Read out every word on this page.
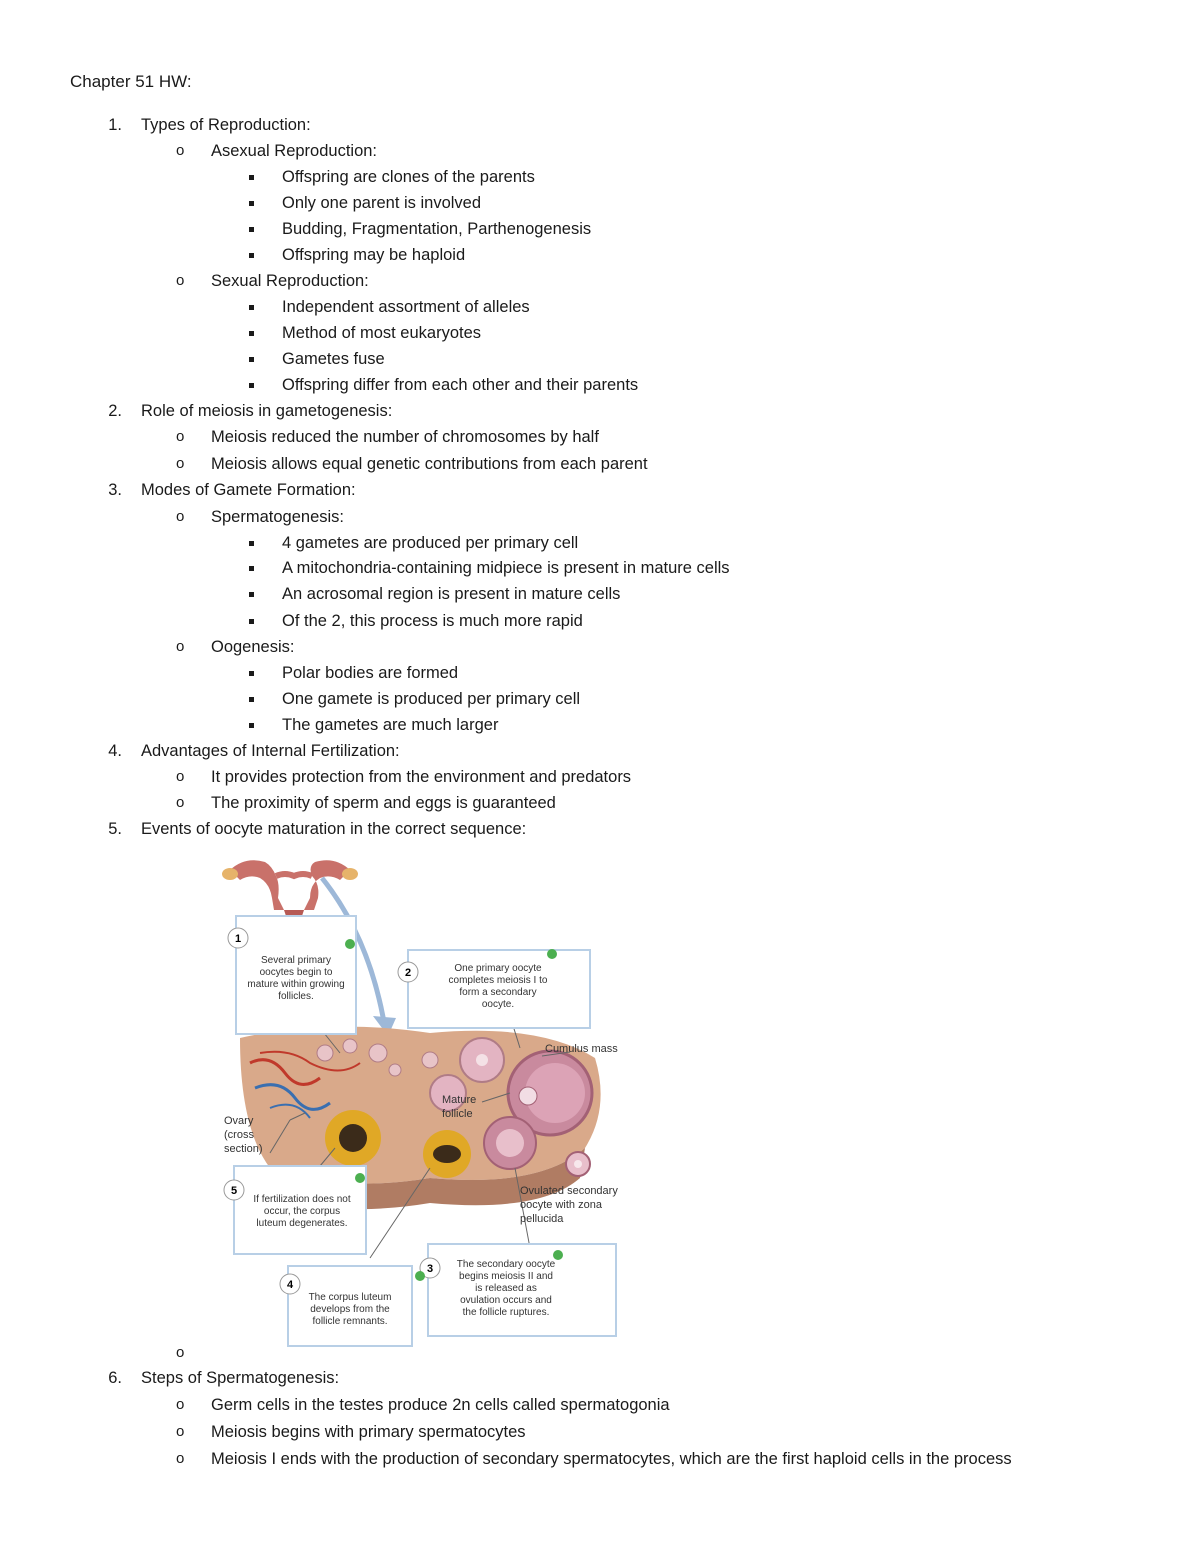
Chapter 51 HW:
1. Types of Reproduction:
o Asexual Reproduction:
Offspring are clones of the parents
Only one parent is involved
Budding, Fragmentation, Parthenogenesis
Offspring may be haploid
o Sexual Reproduction:
Independent assortment of alleles
Method of most eukaryotes
Gametes fuse
Offspring differ from each other and their parents
2. Role of meiosis in gametogenesis:
o Meiosis reduced the number of chromosomes by half
o Meiosis allows equal genetic contributions from each parent
3. Modes of Gamete Formation:
o Spermatogenesis:
4 gametes are produced per primary cell
A mitochondria-containing midpiece is present in mature cells
An acrosomal region is present in mature cells
Of the 2, this process is much more rapid
o Oogenesis:
Polar bodies are formed
One gamete is produced per primary cell
The gametes are much larger
4. Advantages of Internal Fertilization:
o It provides protection from the environment and predators
o The proximity of sperm and eggs is guaranteed
5. Events of oocyte maturation in the correct sequence:
Cumulus mass
Mature
follicle
Ovary
(cross
section)
Ovulated secondary
oocyte with zona
pellucida
1
Several primary
oocytes begin to
mature within growing
follicles.
2	One primary oocyte
completes meiosis I to
form a secondary
oocyte.
3 The secondary oocyte
begins meiosis II and
is released as
ovulation occurs and
the follicle ruptures.
4
The corpus luteum
develops from the
follicle remnants.
5
If fertilization does not
occur, the corpus
luteum degenerates.
o
6. Steps of Spermatogenesis:
o Germ cells in the testes produce 2n cells called spermatogonia
o Meiosis begins with primary spermatocytes
o Meiosis I ends with the production of secondary spermatocytes, which are the first haploid cells in the process
